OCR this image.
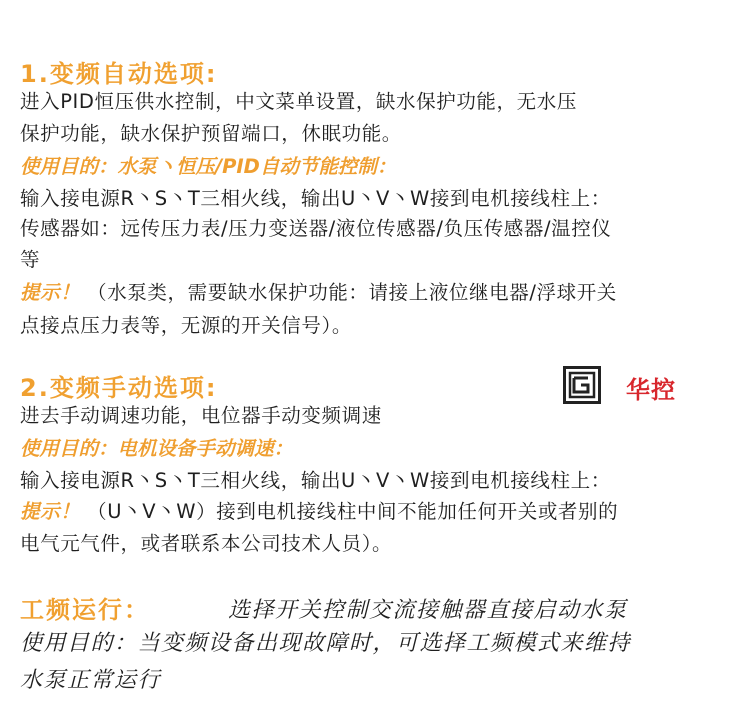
1.变频自动选项:
进入PID恒压供水控制，中文菜单设置，缺水保护功能，无水压
保护功能，缺水保护预留端口，休眠功能。
使用目的：水泵丶恒压/PID自动节能控制：
输入接电源R丶S丶T三相火线，输出U丶V丶W接到电机接线柱上：
传感器如：远传压力表/压力变送器/液位传感器/负压传感器/温控仪
等
提示！ （水泵类，需要缺水保护功能：请接上液位继电器/浮球开关
点接点压力表等，无源的开关信号）。
2.变频手动选项:	华控
进去手动调速功能，电位器手动变频调速
使用目的：电机设备手动调速：
输入接电源R丶S丶T三相火线，输出U丶V丶W接到电机接线柱上：
提示！ （U丶V丶W）接到电机接线柱中间不能加任何开关或者别的
电气元气件，或者联系本公司技术人员）。
工频运行：	选择开关控制交流接触器直接启动水泵
使用目的：当变频设备出现故障时，可选择工频模式来维持
水泵正常运行
